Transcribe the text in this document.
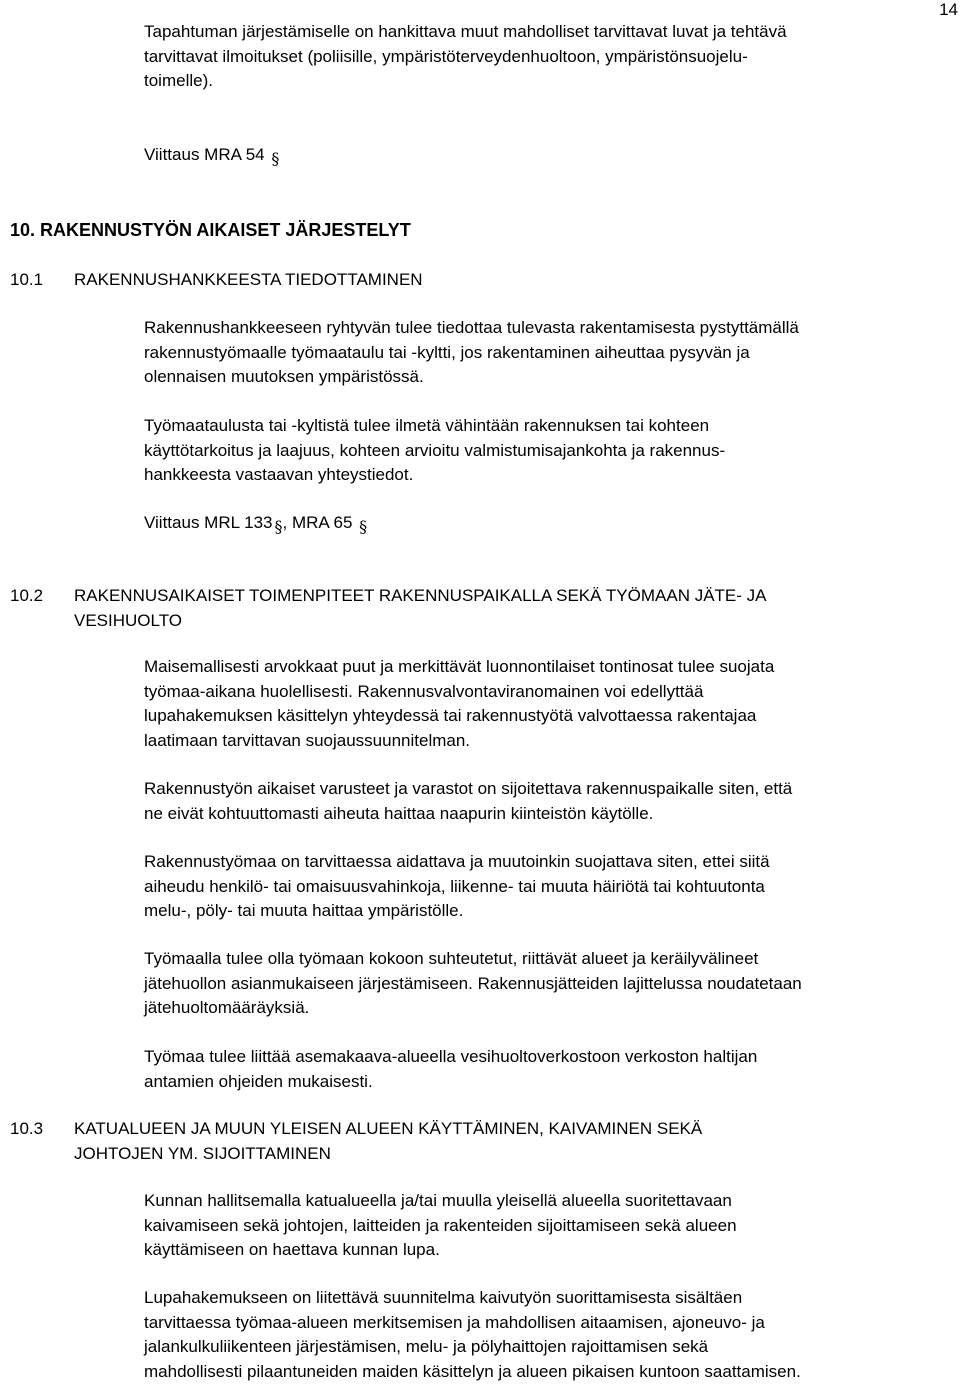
14
Tapahtuman järjestämiselle on hankittava muut mahdolliset tarvittavat luvat ja tehtävä
tarvittavat ilmoitukset (poliisille, ympäristöterveydenhuoltoon, ympäristönsuojelu-
toimelle).
Viittaus MRA 54 §
10. RAKENNUSTYÖN AIKAISET JÄRJESTELYT
10.1	RAKENNUSHANKKEESTA TIEDOTTAMINEN
Rakennushankkeeseen ryhtyvän tulee tiedottaa tulevasta rakentamisesta pystyttämällä
rakennustyömaalle työmaataulu tai -kyltti, jos rakentaminen aiheuttaa pysyvän ja
olennaisen muutoksen ympäristössä.
Työmaataulusta tai -kyltistä tulee ilmetä vähintään rakennuksen tai kohteen
käyttötarkoitus ja laajuus, kohteen arvioitu valmistumisajankohta ja rakennus-
hankkeesta vastaavan yhteystiedot.
Viittaus MRL 133 §, MRA 65 §
10.2	RAKENNUSAIKAISET TOIMENPITEET RAKENNUSPAIKALLA SEKÄ TYÖMAAN JÄTE- JA
VESIHUOLTO
Maisemallisesti arvokkaat puut ja merkittävät luonnontilaiset tontinosat tulee suojata
työmaa-aikana huolellisesti. Rakennusvalvontaviranomainen voi edellyttää
lupahakemuksen käsittelyn yhteydessä tai rakennustyötä valvottaessa rakentajaa
laatimaan tarvittavan suojaussuunnitelman.
Rakennustyön aikaiset varusteet ja varastot on sijoitettava rakennuspaikalle siten, että
ne eivät kohtuuttomasti aiheuta haittaa naapurin kiinteistön käytölle.
Rakennustyömaa on tarvittaessa aidattava ja muutoinkin suojattava siten, ettei siitä
aiheudu henkilö- tai omaisuusvahinkoja, liikenne- tai muuta häiriötä tai kohtuutonta
melu-, pöly- tai muuta haittaa ympäristölle.
Työmaalla tulee olla työmaan kokoon suhteutetut, riittävät alueet ja keräilyvälineet
jätehuollon asianmukaiseen järjestämiseen. Rakennusjätteiden lajittelussa noudatetaan
jätehuoltomääräyksiä.
Työmaa tulee liittää asemakaava-alueella vesihuoltoverkostoon verkoston haltijan
antamien ohjeiden mukaisesti.
10.3	KATUALUEEN JA MUUN YLEISEN ALUEEN KÄYTTÄMINEN, KAIVAMINEN SEKÄ
JOHTOJEN YM. SIJOITTAMINEN
Kunnan hallitsemalla katualueella ja/tai muulla yleisellä alueella suoritettavaan
kaivamiseen sekä johtojen, laitteiden ja rakenteiden sijoittamiseen sekä alueen
käyttämiseen on haettava kunnan lupa.
Lupahakemukseen on liitettävä suunnitelma kaivutyön suorittamisesta sisältäen
tarvittaessa työmaa-alueen merkitsemisen ja mahdollisen aitaamisen, ajoneuvo- ja
jalankulkuliikenteen järjestämisen, melu- ja pölyhaittojen rajoittamisen sekä
mahdollisesti pilaantuneiden maiden käsittelyn ja alueen pikaisen kuntoon saattamisen.
